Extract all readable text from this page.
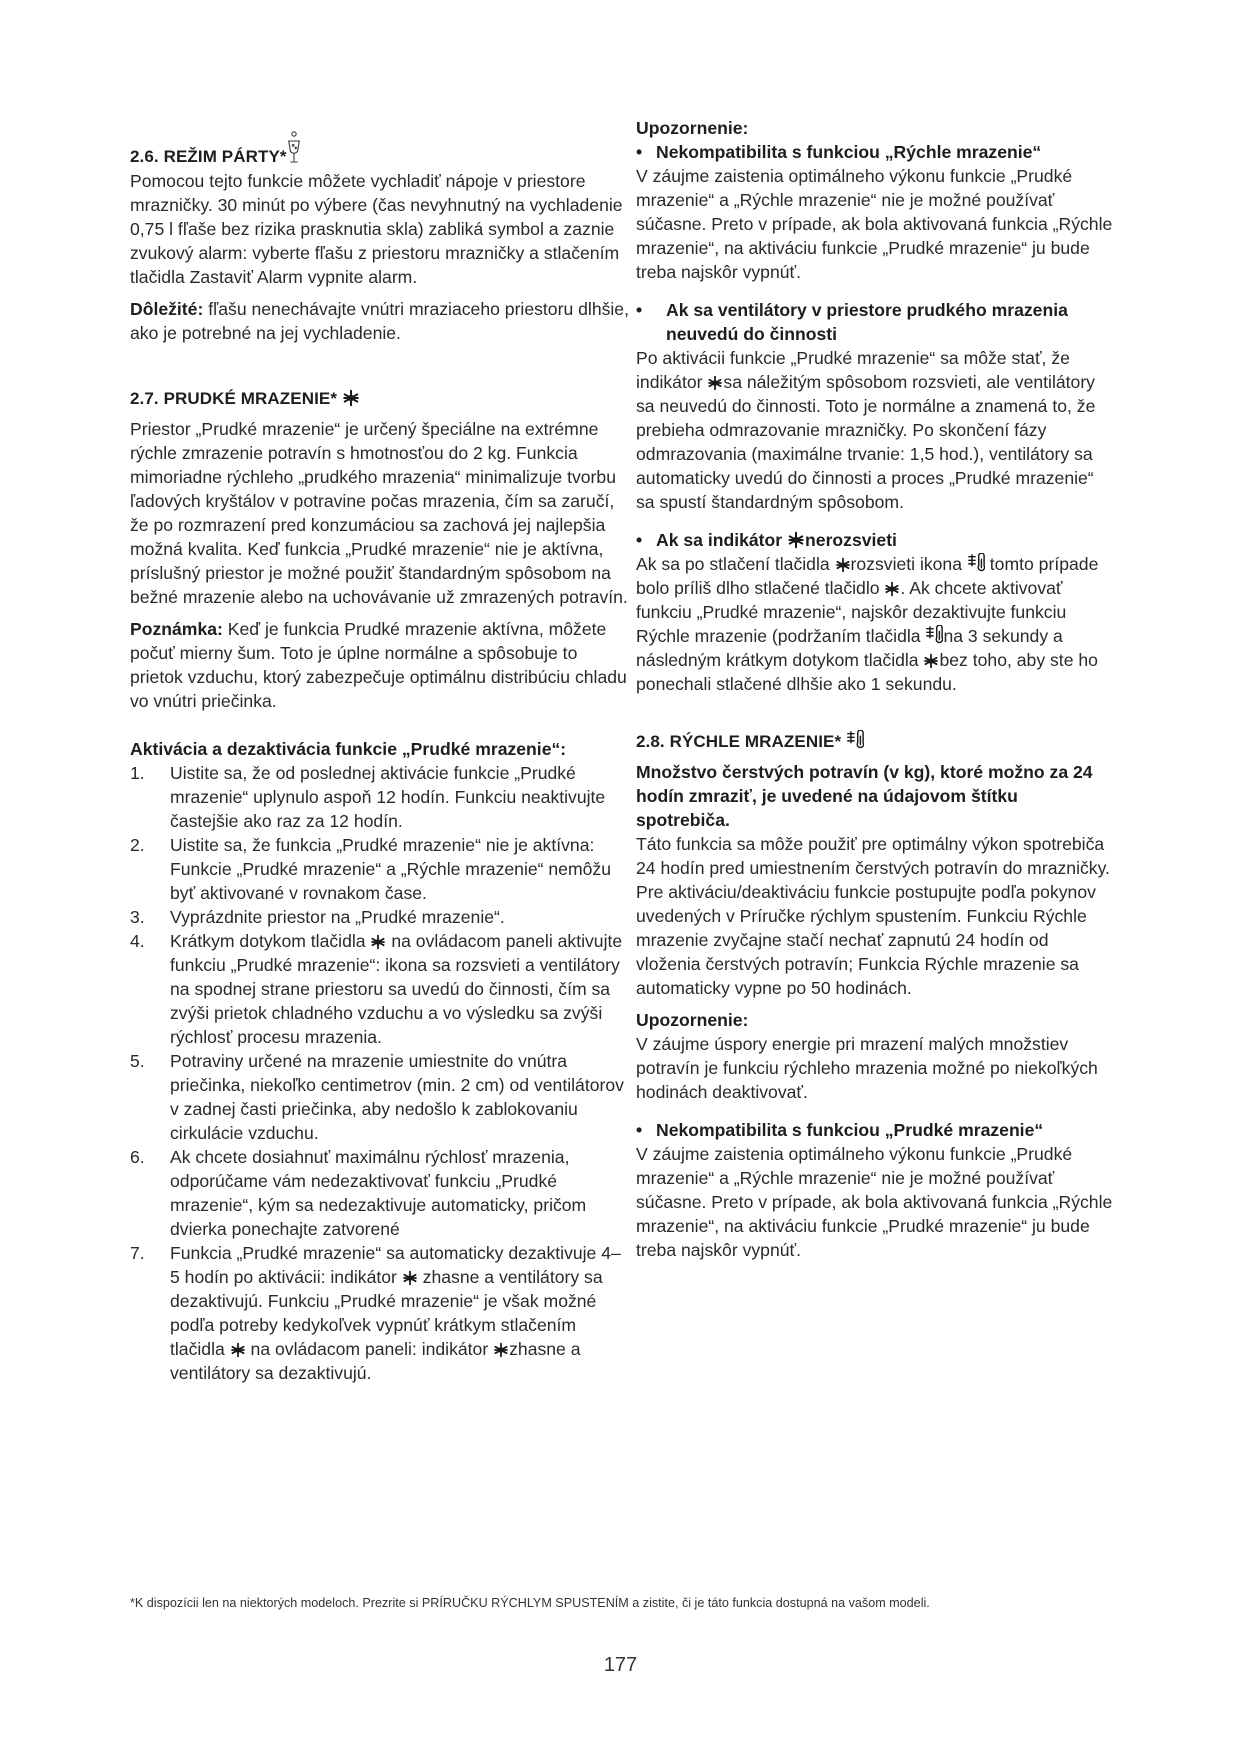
2.6. REŽIM PÁRTY*

Pomocou tejto funkcie môžete vychladiť nápoje v priestore mrazničky. 30 minút po výbere (čas nevyhnutný na vychladenie 0,75 l fľaše bez rizika prasknutia skla) zabliká symbol a zaznie zvukový alarm: vyberte fľašu z priestoru mrazničky a stlačením tlačidla Zastaviť Alarm vypnite alarm.

Dôležité: fľašu nenechávajte vnútri mraziaceho priestoru dlhšie, ako je potrebné na jej vychladenie.

2.7. PRUDKÉ MRAZENIE*

Priestor „Prudké mrazenie“ je určený špeciálne na extrémne rýchle zmrazenie potravín s hmotnosťou do 2 kg. Funkcia mimoriadne rýchleho „prudkého mrazenia“ minimalizuje tvorbu ľadových kryštálov v potravine počas mrazenia, čím sa zaručí, že po rozmrazení pred konzumáciou sa zachová jej najlepšia možná kvalita. Keď funkcia „Prudké mrazenie“ nie je aktívna, príslušný priestor je možné použiť štandardným spôsobom na bežné mrazenie alebo na uchovávanie už zmrazených potravín.

Poznámka: Keď je funkcia Prudké mrazenie aktívna, môžete počuť mierny šum. Toto je úplne normálne a spôsobuje to prietok vzduchu, ktorý zabezpečuje optimálnu distribúciu chladu vo vnútri priečinka.

Aktivácia a dezaktivácia funkcie „Prudké mrazenie“:

1.	Uistite sa, že od poslednej aktivácie funkcie „Prudké mrazenie“ uplynulo aspoň 12 hodín. Funkciu neaktivujte častejšie ako raz za 12 hodín.
2.	Uistite sa, že funkcia „Prudké mrazenie“ nie je aktívna: Funkcie „Prudké mrazenie“ a „Rýchle mrazenie“ nemôžu byť aktivované v rovnakom čase.
3.	Vyprázdnite priestor na „Prudké mrazenie“.
4.	Krátkym dotykom tlačidla  na ovládacom paneli aktivujte funkciu „Prudké mrazenie“: ikona sa rozsvieti a ventilátory na spodnej strane priestoru sa uvedú do činnosti, čím sa zvýši prietok chladného vzduchu a vo výsledku sa zvýši rýchlosť procesu mrazenia.
5.	Potraviny určené na mrazenie umiestnite do vnútra priečinka, niekoľko centimetrov (min. 2 cm) od ventilátorov v zadnej časti priečinka, aby nedošlo k zablokovaniu cirkulácie vzduchu.
6.	Ak chcete dosiahnuť maximálnu rýchlosť mrazenia, odporúčame vám nedezaktivovať funkciu „Prudké mrazenie“, kým sa nedezaktivuje automaticky, pričom dvierka ponechajte zatvorené
7.	Funkcia „Prudké mrazenie“ sa automaticky dezaktivuje 4–5 hodín po aktivácii: indikátor  zhasne a ventilátory sa dezaktivujú. Funkciu „Prudké mrazenie“ je však možné podľa potreby kedykoľvek vypnúť krátkym stlačením tlačidla  na ovládacom paneli: indikátor zhasne a ventilátory sa dezaktivujú.

Upozornenie:

• Nekompatibilita s funkciou „Rýchle mrazenie“

V záujme zaistenia optimálneho výkonu funkcie „Prudké mrazenie“ a „Rýchle mrazenie“ nie je možné používať súčasne. Preto v prípade, ak bola aktivovaná funkcia „Rýchle mrazenie“, na aktiváciu funkcie „Prudké mrazenie“ ju bude treba najskôr vypnúť.

•	Ak sa ventilátory v priestore prudkého mrazenia neuvedú do činnosti

Po aktivácii funkcie „Prudké mrazenie“ sa môže stať, že indikátor sa náležitým spôsobom rozsvieti, ale ventilátory sa neuvedú do činnosti. Toto je normálne a znamená to, že prebieha odmrazovanie mrazničky. Po skončení fázy odmrazovania (maximálne trvanie: 1,5 hod.), ventilátory sa automaticky uvedú do činnosti a proces „Prudké mrazenie“ sa spustí štandardným spôsobom.

• Ak sa indikátor nerozsvieti

Ak sa po stlačení tlačidla rozsvieti ikona  tomto prípade bolo príliš dlho stlačené tlačidlo . Ak chcete aktivovať funkciu „Prudké mrazenie“, najskôr dezaktivujte funkciu Rýchle mrazenie (podržaním tlačidla na 3 sekundy a následným krátkym dotykom tlačidla bez toho, aby ste ho ponechali stlačené dlhšie ako 1 sekundu.

2.8. RÝCHLE MRAZENIE*

Množstvo čerstvých potravín (v kg), ktoré možno za 24 hodín zmraziť, je uvedené na údajovom štítku spotrebiča.

Táto funkcia sa môže použiť pre optimálny výkon spotrebiča 24 hodín pred umiestnením čerstvých potravín do mrazničky. Pre aktiváciu/deaktiváciu funkcie postupujte podľa pokynov uvedených v Príručke rýchlym spustením. Funkciu Rýchle mrazenie zvyčajne stačí nechať zapnutú 24 hodín od vloženia čerstvých potravín; Funkcia Rýchle mrazenie sa automaticky vypne po 50 hodinách.

Upozornenie:

V záujme úspory energie pri mrazení malých množstiev potravín je funkciu rýchleho mrazenia možné po niekoľkých hodinách deaktivovať.

• Nekompatibilita s funkciou „Prudké mrazenie“

V záujme zaistenia optimálneho výkonu funkcie „Prudké mrazenie“ a „Rýchle mrazenie“ nie je možné používať súčasne. Preto v prípade, ak bola aktivovaná funkcia „Rýchle mrazenie“, na aktiváciu funkcie „Prudké mrazenie“ ju bude treba najskôr vypnúť.

*K dispozícii len na niektorých modeloch. Prezrite si PRÍRUČKU RÝCHLYM SPUSTENÍM a zistite, či je táto funkcia dostupná na vašom modeli.

177
